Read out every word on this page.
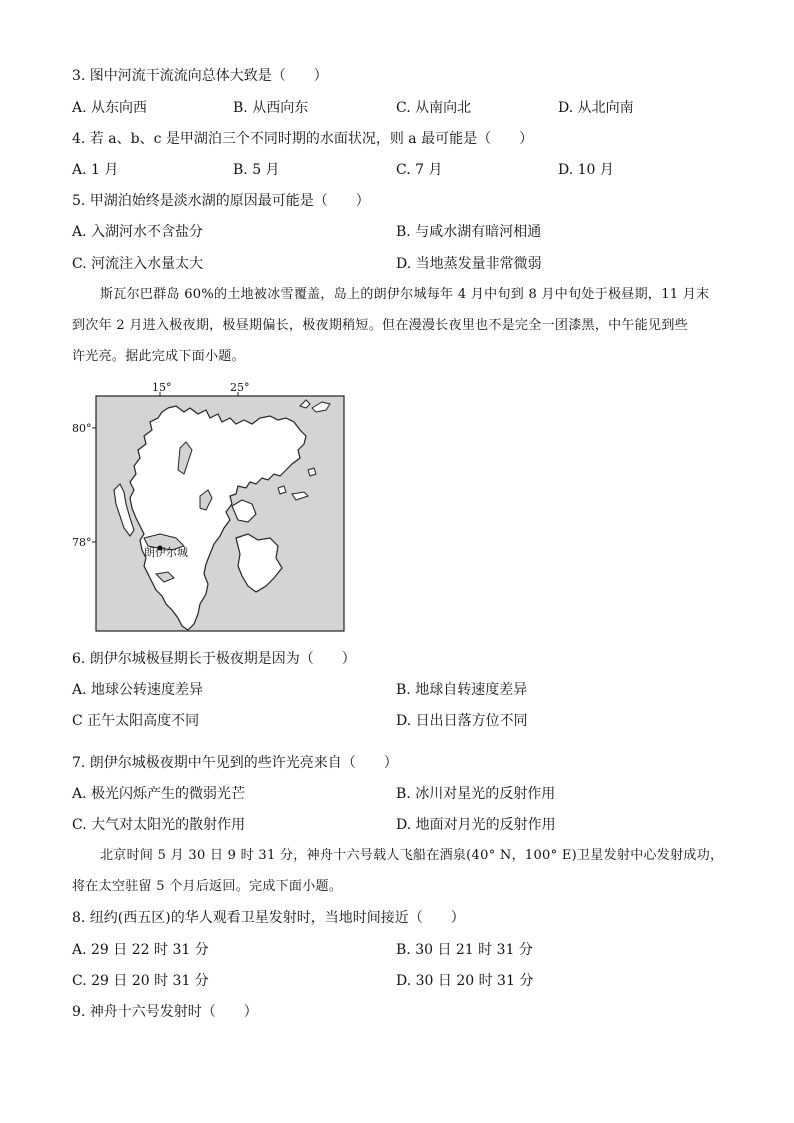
3. 图中河流干流流向总体大致是（　　）
A. 从东向西	B. 从西向东	C. 从南向北	D. 从北向南
4. 若 a、b、c 是甲湖泊三个不同时期的水面状况，则 a 最可能是（　　）
A. 1 月	B. 5 月	C. 7 月	D. 10 月
5. 甲湖泊始终是淡水湖的原因最可能是（　　）
A. 入湖河水不含盐分	B. 与咸水湖有暗河相通
C. 河流注入水量太大	D. 当地蒸发量非常微弱
斯瓦尔巴群岛 60%的土地被冰雪覆盖，岛上的朗伊尔城每年 4 月中旬到 8 月中旬处于极昼期，11 月末
到次年 2 月进入极夜期，极昼期偏长，极夜期稍短。但在漫漫长夜里也不是完全一团漆黑，中午能见到些
许光亮。据此完成下面小题。
15°	25°
80°
78°
朗伊尔城
6. 朗伊尔城极昼期长于极夜期是因为（　　）
A. 地球公转速度差异	B. 地球自转速度差异
C 正午太阳高度不同	D. 日出日落方位不同
7. 朗伊尔城极夜期中午见到的些许光亮来自（　　）
A. 极光闪烁产生的微弱光芒	B. 冰川对星光的反射作用
C. 大气对太阳光的散射作用	D. 地面对月光的反射作用
北京时间 5 月 30 日 9 时 31 分，神舟十六号载人飞船在酒泉(40° N，100° E)卫星发射中心发射成功，
将在太空驻留 5 个月后返回。完成下面小题。
8. 纽约(西五区)的华人观看卫星发射时，当地时间接近（　　）
A. 29 日 22 时 31 分	B. 30 日 21 时 31 分
C. 29 日 20 时 31 分	D. 30 日 20 时 31 分
9. 神舟十六号发射时（　　）
